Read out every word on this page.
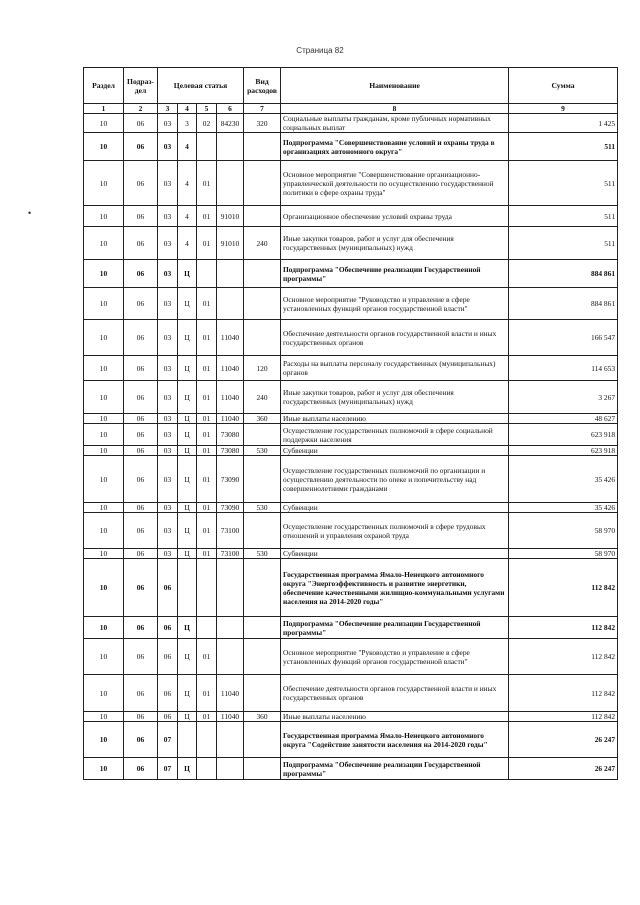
Страница 82
•
Раздел	Подраз-
дел	Целевая статья				Вид расходов	Наименование	Сумма
1	2	3	4	5	6	7	8	9
10	06	03	3	02	84230	320	Социальные выплаты гражданам, кроме публичных нормативных социальных выплат	1 425
10	06	03	4				Подпрограмма "Совершенствование условий и охраны труда в организациях автономного округа"	511
10	06	03	4	01			Основное мероприятие "Совершенствование организационно-управленческой деятельности по осуществлению государственной политики в сфере охраны труда"	511
10	06	03	4	01	91010		Организационное обеспечение условий охраны труда	511
10	06	03	4	01	91010	240	Иные закупки товаров, работ и услуг для обеспечения государственных (муниципальных) нужд	511
10	06	03	Ц				Подпрограмма "Обеспечение реализации Государственной программы"	884 861
10	06	03	Ц	01			Основное мероприятие "Руководство и управление в сфере установленных функций органов государственной власти"	884 861
10	06	03	Ц	01	11040		Обеспечение деятельности органов государственной власти и иных государственных органов	166 547
10	06	03	Ц	01	11040	120	Расходы на выплаты персоналу государственных (муниципальных) органов	114 653
10	06	03	Ц	01	11040	240	Иные закупки товаров, работ и услуг для обеспечения государственных (муниципальных) нужд	3 267
10	06	03	Ц	01	11040	360	Иные выплаты населению	48 627
10	06	03	Ц	01	73080		Осуществление государственных полномочий в сфере социальной поддержки населения	623 918
10	06	03	Ц	01	73080	530	Субвенции	623 918
10	06	03	Ц	01	73090		Осуществление государственных полномочий по организации и осуществлению деятельности по опеке и попечительству над совершеннолетними гражданами	35 426
10	06	03	Ц	01	73090	530	Субвенции	35 426
10	06	03	Ц	01	73100		Осуществление государственных полномочий в сфере трудовых отношений и управления охраной труда	58 970
10	06	03	Ц	01	73100	530	Субвенции	58 970
10	06	06					Государственная программа Ямало-Ненецкого автономного округа "Энергоэффективность и развитие энергетики, обеспечение качественными жилищно-коммунальными услугами населения на 2014-2020 годы"	112 842
10	06	06	Ц				Подпрограмма "Обеспечение реализации Государственной программы"	112 842
10	06	06	Ц	01			Основное мероприятие "Руководство и управление в сфере установленных функций органов государственной власти"	112 842
10	06	06	Ц	01	11040		Обеспечение деятельности органов государственной власти и иных государственных органов	112 842
10	06	06	Ц	01	11040	360	Иные выплаты населению	112 842
10	06	07					Государственная программа Ямало-Ненецкого автономного округа "Содействие занятости населения на 2014-2020 годы"	26 247
10	06	07	Ц				Подпрограмма "Обеспечение реализации Государственной программы"	26 247
